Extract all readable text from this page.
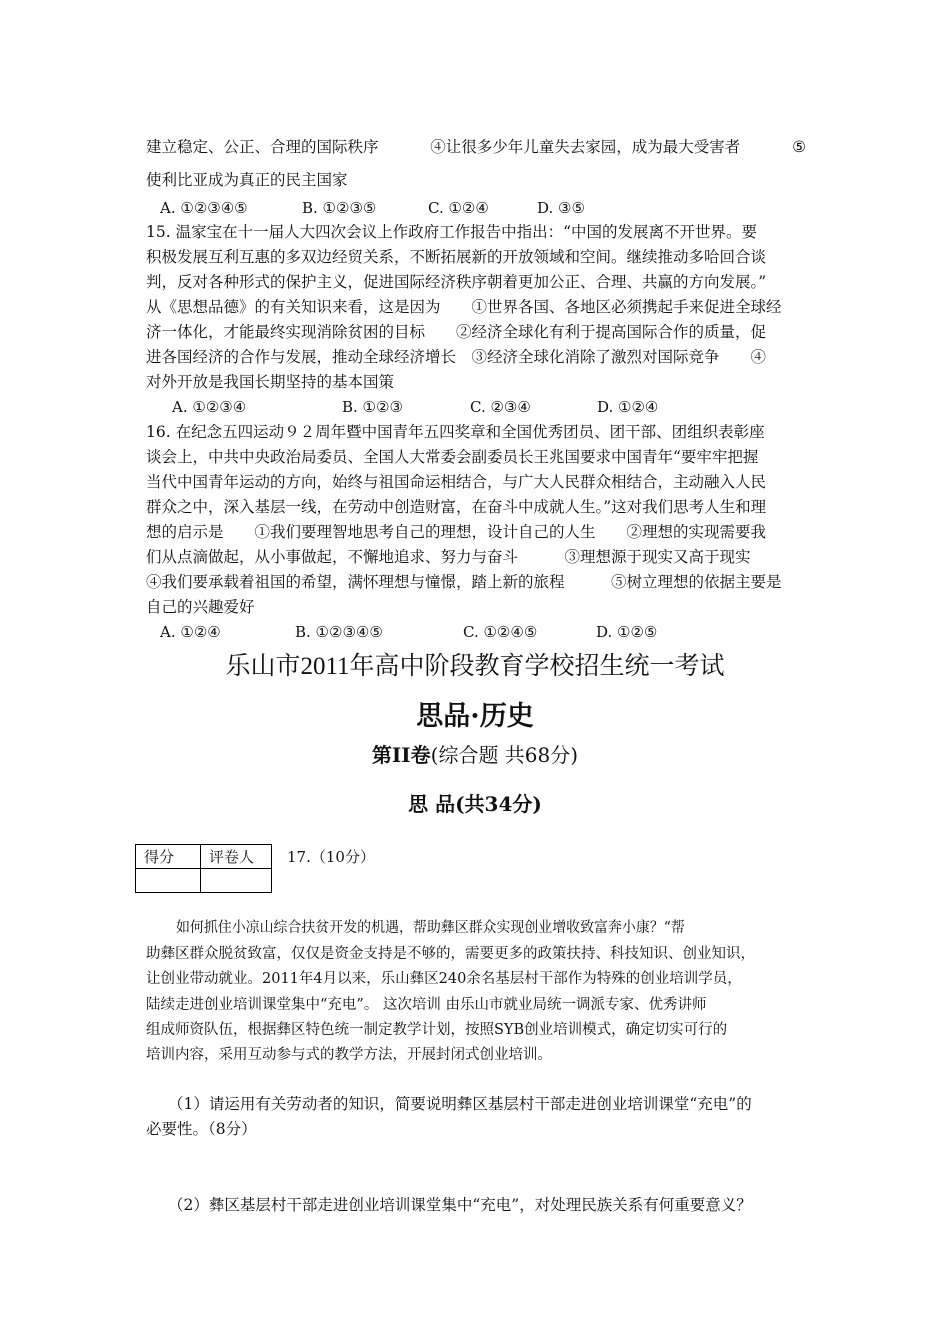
建立稳定、公正、合理的国际秩序	④让很多少年儿童失去家园，成为最大受害者	⑤
使利比亚成为真正的民主国家
A. ①②③④⑤	B. ①②③⑤	C. ①②④	D. ③⑤
15. 温家宝在十一届人大四次会议上作政府工作报告中指出：“中国的发展离不开世界。要
积极发展互利互惠的多双边经贸关系，不断拓展新的开放领域和空间。继续推动多哈回合谈
判，反对各种形式的保护主义，促进国际经济秩序朝着更加公正、合理、共赢的方向发展。”
从《思想品德》的有关知识来看，这是因为　　①世界各国、各地区必须携起手来促进全球经
济一体化，才能最终实现消除贫困的目标　　②经济全球化有利于提高国际合作的质量，促
进各国经济的合作与发展，推动全球经济增长　③经济全球化消除了激烈对国际竞争　　④
对外开放是我国长期坚持的基本国策
A. ①②③④	B. ①②③	C. ②③④	D. ①②④
16. 在纪念五四运动９２周年暨中国青年五四奖章和全国优秀团员、团干部、团组织表彰座
谈会上，中共中央政治局委员、全国人大常委会副委员长王兆国要求中国青年“要牢牢把握
当代中国青年运动的方向，始终与祖国命运相结合，与广大人民群众相结合，主动融入人民
群众之中，深入基层一线，在劳动中创造财富，在奋斗中成就人生。”这对我们思考人生和理
想的启示是　　①我们要理智地思考自己的理想，设计自己的人生　　②理想的实现需要我
们从点滴做起，从小事做起，不懈地追求、努力与奋斗　　　③理想源于现实又高于现实
④我们要承载着祖国的希望，满怀理想与憧憬，踏上新的旅程　　　⑤树立理想的依据主要是
自己的兴趣爱好
A. ①②④	B. ①②③④⑤	C. ①②④⑤	D. ①②⑤
乐山市2011年高中阶段教育学校招生统一考试
思品·历史
第II卷(综合题 共68分)
思 品(共34分)
得分	评卷人
	17.（10分）
如何抓住小凉山综合扶贫开发的机遇，帮助彝区群众实现创业增收致富奔小康？“帮
助彝区群众脱贫致富，仅仅是资金支持是不够的，需要更多的政策扶持、科技知识、创业知识，
让创业带动就业。2011年4月以来，乐山彝区240余名基层村干部作为特殊的创业培训学员，
陆续走进创业培训课堂集中“充电”。 这次培训 由乐山市就业局统一调派专家、优秀讲师
组成师资队伍，根据彝区特色统一制定教学计划，按照SYB创业培训模式，确定切实可行的
培训内容，采用互动参与式的教学方法，开展封闭式创业培训。
（1）请运用有关劳动者的知识，简要说明彝区基层村干部走进创业培训课堂“充电”的
必要性。（8分）
（2）彝区基层村干部走进创业培训课堂集中“充电”，对处理民族关系有何重要意义？
